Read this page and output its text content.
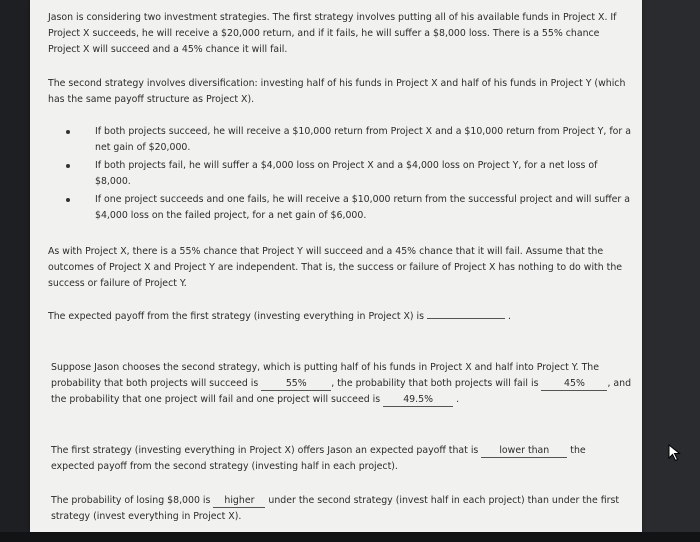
Jason is considering two investment strategies. The first strategy involves putting all of his available funds in Project X. If Project X succeeds, he will receive a $20,000 return, and if it fails, he will suffer a $8,000 loss. There is a 55% chance Project X will succeed and a 45% chance it will fail.

The second strategy involves diversification: investing half of his funds in Project X and half of his funds in Project Y (which has the same payoff structure as Project X).

If both projects succeed, he will receive a $10,000 return from Project X and a $10,000 return from Project Y, for a net gain of $20,000.
If both projects fail, he will suffer a $4,000 loss on Project X and a $4,000 loss on Project Y, for a net loss of $8,000.
If one project succeeds and one fails, he will receive a $10,000 return from the successful project and will suffer a $4,000 loss on the failed project, for a net gain of $6,000.

As with Project X, there is a 55% chance that Project Y will succeed and a 45% chance that it will fail. Assume that the outcomes of Project X and Project Y are independent. That is, the success or failure of Project X has nothing to do with the success or failure of Project Y.

The expected payoff from the first strategy (investing everything in Project X) is	.

Suppose Jason chooses the second strategy, which is putting half of his funds in Project X and half into Project Y. The probability that both projects will succeed is	55%	, the probability that both projects will fail is	45% , and the probability that one project will fail and one project will succeed is 49.5% .

The first strategy (investing everything in Project X) offers Jason an expected payoff that is lower than the expected payoff from the second strategy (investing half in each project).

The probability of losing $8,000 is higher under the second strategy (invest half in each project) than under the first strategy (invest everything in Project X).
